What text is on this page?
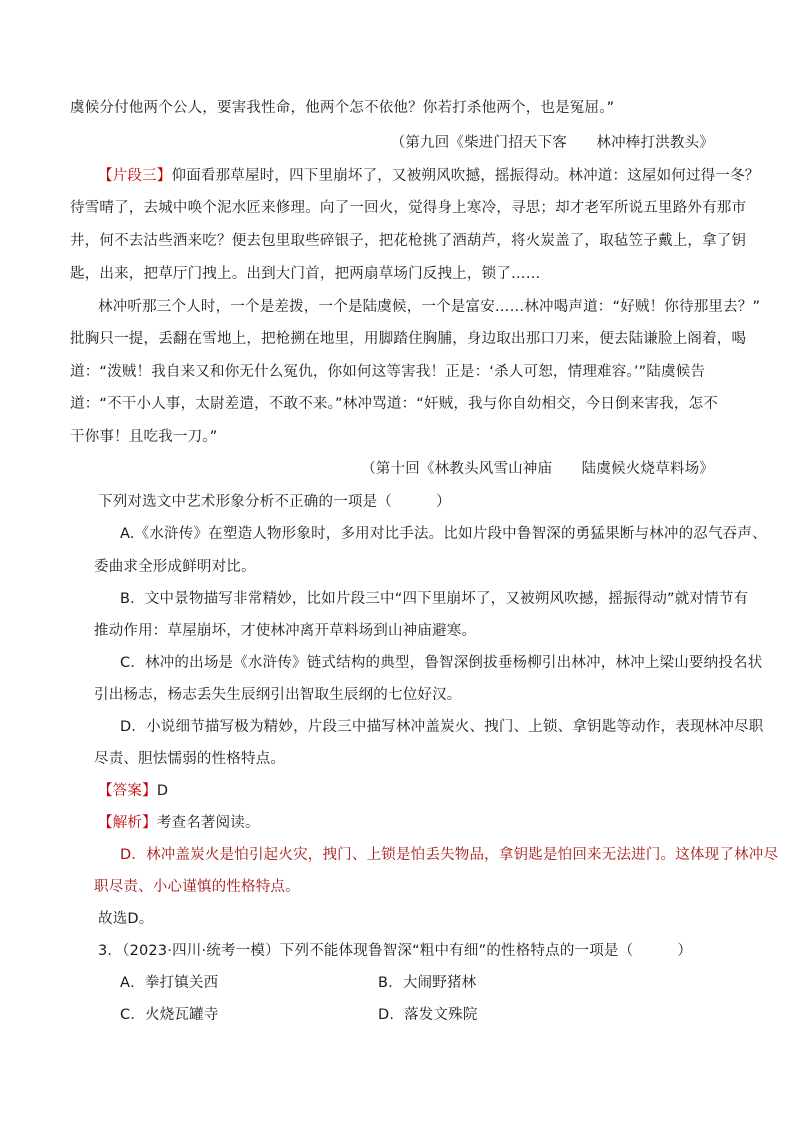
虞候分付他两个公人，要害我性命，他两个怎不依他？你若打杀他两个，也是冤屈。”
（第九回《柴进门招天下客　　林冲棒打洪教头》
【片段三】仰面看那草屋时，四下里崩坏了，又被朔风吹撼，摇振得动。林冲道：这屋如何过得一冬？
待雪晴了，去城中唤个泥水匠来修理。向了一回火，觉得身上寒冷，寻思；却才老军所说五里路外有那市
井，何不去沽些酒来吃？便去包里取些碎银子，把花枪挑了酒葫芦，将火炭盖了，取毡笠子戴上，拿了钥
匙，出来，把草厅门拽上。出到大门首，把两扇草场门反拽上，锁了……
林冲听那三个人时，一个是差拨，一个是陆虞候，一个是富安……林冲喝声道：“好贼！你待那里去？”
批胸只一提，丢翻在雪地上，把枪搠在地里，用脚踏住胸脯，身边取出那口刀来，便去陆谦脸上阁着，喝
道：“泼贼！我自来又和你无什么冤仇，你如何这等害我！正是：‘杀人可恕，情理难容。’”陆虞候告
道：“不干小人事，太尉差遣，不敢不来。”林冲骂道：“奸贼，我与你自幼相交，今日倒来害我，怎不
干你事！且吃我一刀。”
（第十回《林教头风雪山神庙　　陆虞候火烧草料场》
下列对选文中艺术形象分析不正确的一项是（　　　）
A.《水浒传》在塑造人物形象时，多用对比手法。比如片段中鲁智深的勇猛果断与林冲的忍气吞声、
委曲求全形成鲜明对比。
B．文中景物描写非常精妙，比如片段三中“四下里崩坏了，又被朔风吹撼，摇振得动”就对情节有
推动作用：草屋崩坏，才使林冲离开草料场到山神庙避寒。
C．林冲的出场是《水浒传》链式结构的典型，鲁智深倒拔垂杨柳引出林冲，林冲上梁山要纳投名状
引出杨志，杨志丢失生辰纲引出智取生辰纲的七位好汉。
D．小说细节描写极为精妙，片段三中描写林冲盖炭火、拽门、上锁、拿钥匙等动作，表现林冲尽职
尽责、胆怯懦弱的性格特点。
【答案】D
【解析】考查名著阅读。
D．林冲盖炭火是怕引起火灾，拽门、上锁是怕丢失物品，拿钥匙是怕回来无法进门。这体现了林冲尽
职尽责、小心谨慎的性格特点。
故选D。
3．（2023·四川·统考一模）下列不能体现鲁智深“粗中有细”的性格特点的一项是（　　　）
A．拳打镇关西	B．大闹野猪林
C．火烧瓦罐寺	D．落发文殊院
